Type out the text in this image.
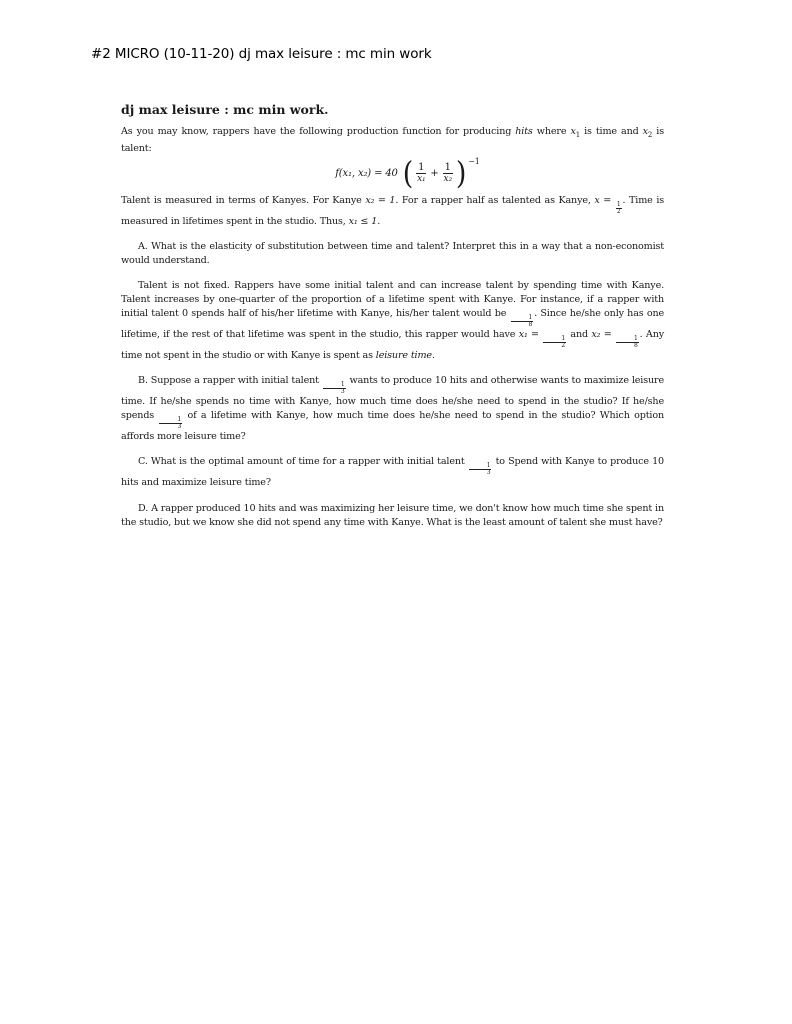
#2 MICRO (10-11-20) dj max leisure : mc min work
dj max leisure : mc min work.

As you may know, rappers have the following production function for producing hits where $x_1$ is time and $x_2$ is talent:

f(x₁, x₂) = 40 ( $\frac{1}{\text{x₁}} + \frac{1}{\text{x₂}}$ ) −1

Talent is measured in terms of Kanyes. For Kanye x₂ = 1. For a rapper half as talented as Kanye, x =
$\frac{1}{2}$
. Time is measured in lifetimes spent in the studio. Thus, x₁ ≤ 1.

A. What is the elasticity of substitution between time and talent? Interpret this in a way that a non-economist would understand.

Talent is not fixed. Rappers have some initial talent and can increase talent by spending time with Kanye. Talent increases by one-quarter of the proportion of a lifetime spent with Kanye. For instance, if a rapper with initial talent 0 spends half of his/her lifetime with Kanye, his/her talent would be
$\frac{1}{8}$
. Since he/she only has one lifetime, if the rest of that lifetime was spent in the studio, this rapper would have x₁ =
$\frac{1}{2}$
and x₂ =
$\frac{1}{8}$
. Any time not spent in the studio or with Kanye is spent as leisure time.

B. Suppose a rapper with initial talent
$\frac{1}{3}$
wants to produce 10 hits and otherwise wants to maximize leisure time. If he/she spends no time with Kanye, how much time does he/she need to spend in the studio? If he/she spends
$\frac{1}{3}$
of a lifetime with Kanye, how much time does he/she need to spend in the studio? Which option affords more leisure time?

C. What is the optimal amount of time for a rapper with initial talent
$\frac{1}{3}$
to Spend with Kanye to produce 10 hits and maximize leisure time?

D. A rapper produced 10 hits and was maximizing her leisure time, we don't know how much time she spent in the studio, but we know she did not spend any time with Kanye. What is the least amount of talent she must have?
